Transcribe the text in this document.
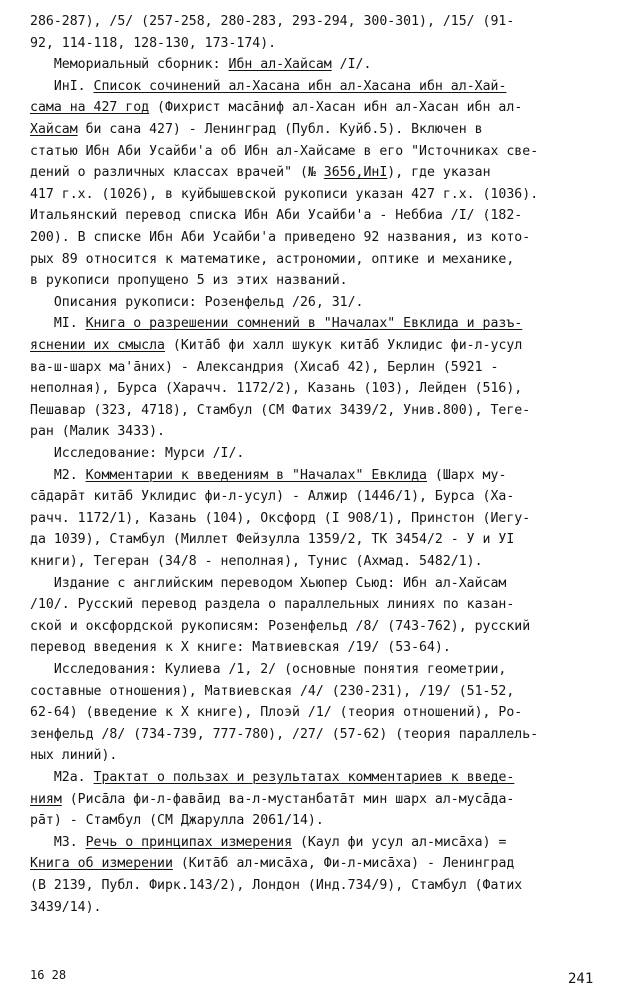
286-287), /5/ (257-258, 280-283, 293-294, 300-301), /15/ (91-
92, 114-118, 128-130, 173-174).
Мемориальный сборник: Ибн ал-Хайсам /I/.
ИнI. Список сочинений ал-Хасана ибн ал-Хасана ибн ал-Хай-
сама на 427 год (Фихрист масāниф ал-Хасан ибн ал-Хасан ибн ал-
Хайсам би сана 427) - Ленинград (Публ. Куйб.5). Включен в
статью Ибн Аби Усайби'а об Ибн ал-Хайсаме в его "Источниках све-
дений о различных классах врачей" (№ 3656,ИнI), где указан
417 г.х. (1026), в куйбышевской рукописи указан 427 г.х. (1036).
Итальянский перевод списка Ибн Аби Усайби'а - Неббиа /I/ (182-
200). В списке Ибн Аби Усайби'а приведено 92 названия, из кото-
рых 89 относится к математике, астрономии, оптике и механике,
в рукописи пропущено 5 из этих названий.
Описания рукописи: Розенфельд /26, 31/.
МI. Книга о разрешении сомнений в "Началах" Евклида и разъ-
яснении их смысла (Китāб фи халл шукук китāб Уклидис фи-л-усул
ва-ш-шарх ма'āних) - Александрия (Хисаб 42), Берлин (5921 -
неполная), Бурса (Харачч. 1172/2), Казань (103), Лейден (516),
Пешавар (323, 4718), Стамбул (СМ Фатих 3439/2, Унив.800), Теге-
ран (Малик 3433).
Исследование: Мурси /I/.
М2. Комментарии к введениям в "Началах" Евклида (Шарх му-
сāдарāт китāб Уклидис фи-л-усул) - Алжир (1446/1), Бурса (Ха-
рачч. 1172/1), Казань (104), Оксфорд (I 908/1), Принстон (Иегу-
да 1039), Стамбул (Миллет Фейзулла 1359/2, ТК 3454/2 - У и УI
книги), Тегеран (34/8 - неполная), Тунис (Ахмад. 5482/1).
Издание с английским переводом Хьюпер Сьюд: Ибн ал-Хайсам
/10/. Русский перевод раздела о параллельных линиях по казан-
ской и оксфордской рукописям: Розенфельд /8/ (743-762), русский
перевод введения к Х книге: Матвиевская /19/ (53-64).
Исследования: Кулиева /1, 2/ (основные понятия геометрии,
составные отношения), Матвиевская /4/ (230-231), /19/ (51-52,
62-64) (введение к Х книге), Плоэй /1/ (теория отношений), Ро-
зенфельд /8/ (734-739, 777-780), /27/ (57-62) (теория параллель-
ных линий).
М2а. Трактат о пользах и результатах комментариев к введе-
ниям (Рисāла фи-л-фавāид ва-л-мустанбатāт мин шарх ал-мусāда-
рāт) - Стамбул (СМ Джарулла 2061/14).
М3. Речь о принципах измерения (Каул фи усул ал-мисāха) =
Книга об измерении (Китāб ал-мисāха, Фи-л-мисāха) - Ленинград
(В 2139, Публ. Фирк.143/2), Лондон (Инд.734/9), Стамбул (Фатих
3439/14).
16 28	241
